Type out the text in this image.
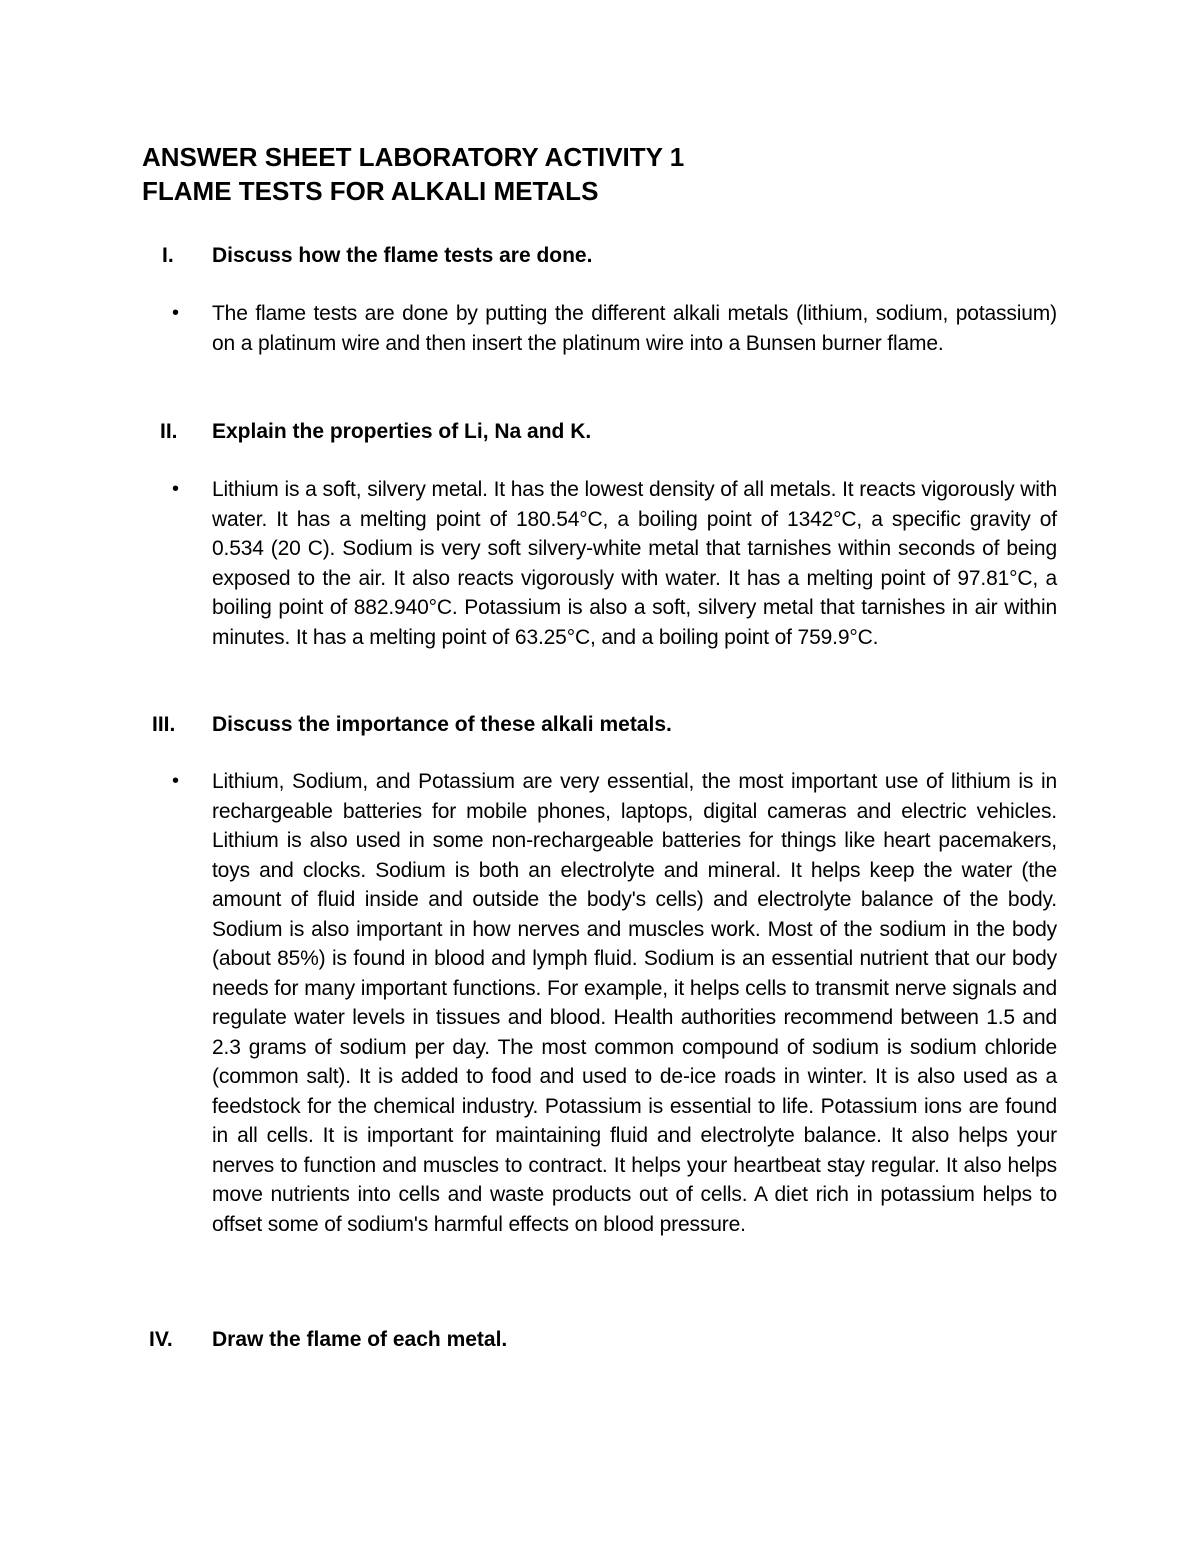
ANSWER SHEET LABORATORY ACTIVITY 1
FLAME TESTS FOR ALKALI METALS
I.	Discuss how the flame tests are done.
•	The flame tests are done by putting the different alkali metals (lithium, sodium, potassium) on a platinum wire and then insert the platinum wire into a Bunsen burner flame.
II.	Explain the properties of Li, Na and K.
•	Lithium is a soft, silvery metal. It has the lowest density of all metals. It reacts vigorously with water. It has a melting point of 180.54°C, a boiling point of 1342°C, a specific gravity of 0.534 (20 C). Sodium is very soft silvery-white metal that tarnishes within seconds of being exposed to the air. It also reacts vigorously with water. It has a melting point of 97.81°C, a boiling point of 882.940°C. Potassium is also a soft, silvery metal that tarnishes in air within minutes. It has a melting point of 63.25°C, and a boiling point of 759.9°C.
III.	Discuss the importance of these alkali metals.
•	Lithium, Sodium, and Potassium are very essential, the most important use of lithium is in rechargeable batteries for mobile phones, laptops, digital cameras and electric vehicles. Lithium is also used in some non-rechargeable batteries for things like heart pacemakers, toys and clocks. Sodium is both an electrolyte and mineral. It helps keep the water (the amount of fluid inside and outside the body's cells) and electrolyte balance of the body. Sodium is also important in how nerves and muscles work. Most of the sodium in the body (about 85%) is found in blood and lymph fluid. Sodium is an essential nutrient that our body needs for many important functions. For example, it helps cells to transmit nerve signals and regulate water levels in tissues and blood. Health authorities recommend between 1.5 and 2.3 grams of sodium per day. The most common compound of sodium is sodium chloride (common salt). It is added to food and used to de-ice roads in winter. It is also used as a feedstock for the chemical industry. Potassium is essential to life. Potassium ions are found in all cells. It is important for maintaining fluid and electrolyte balance. It also helps your nerves to function and muscles to contract. It helps your heartbeat stay regular. It also helps move nutrients into cells and waste products out of cells. A diet rich in potassium helps to offset some of sodium's harmful effects on blood pressure.
IV.	Draw the flame of each metal.
